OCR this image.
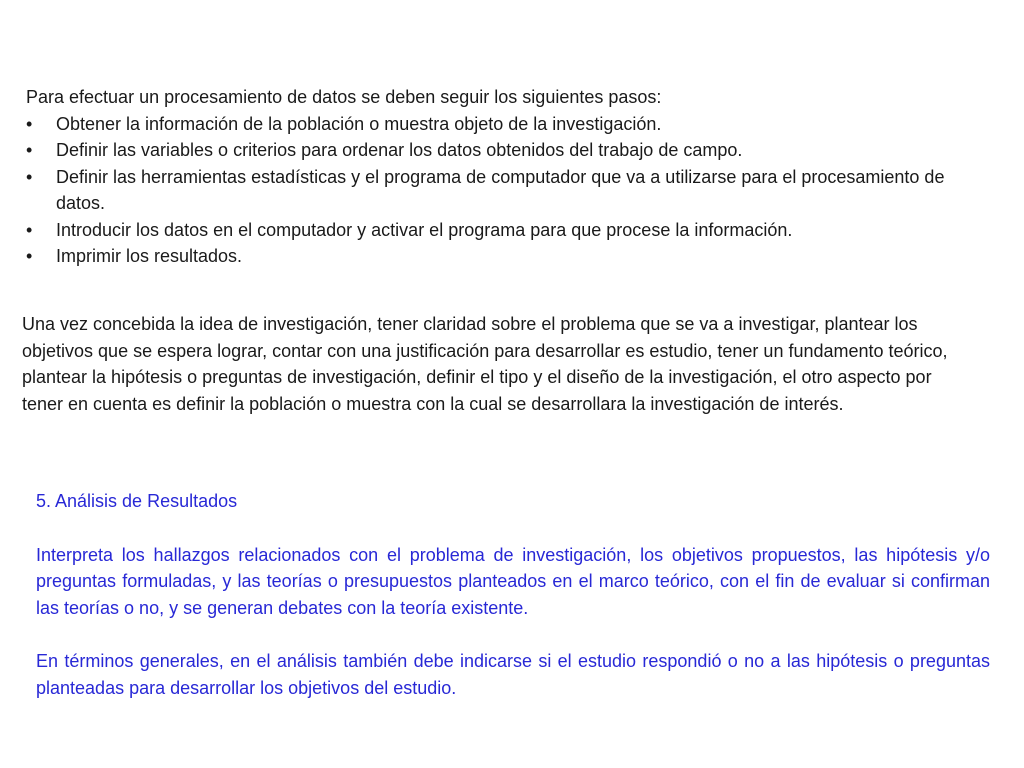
Para efectuar un procesamiento de datos se deben seguir los siguientes pasos:

•	Obtener la información de la población o muestra objeto de la investigación.
•	Definir las variables o criterios para ordenar los datos obtenidos del trabajo de campo.
•	Definir las herramientas estadísticas y el programa de computador que va a utilizarse para el procesamiento de datos.
•	Introducir los datos en el computador y activar el programa para que procese la información.
•	Imprimir los resultados.

Una vez concebida la idea de investigación, tener claridad sobre el problema que se va a investigar, plantear los objetivos que se espera lograr, contar con una justificación para desarrollar es estudio, tener un fundamento teórico, plantear la hipótesis o preguntas de investigación, definir el tipo y el diseño de la investigación, el otro aspecto por tener en cuenta es definir la población o muestra con la cual se desarrollara la investigación de interés.

5. Análisis de Resultados

Interpreta los hallazgos relacionados con el problema de investigación, los objetivos propuestos, las hipótesis y/o preguntas formuladas, y las teorías o presupuestos planteados en el marco teórico, con el fin de evaluar si confirman las teorías o no, y se generan debates con la teoría existente.

En términos generales, en el análisis también debe indicarse si el estudio respondió o no a las hipótesis o preguntas planteadas para desarrollar los objetivos del estudio.
